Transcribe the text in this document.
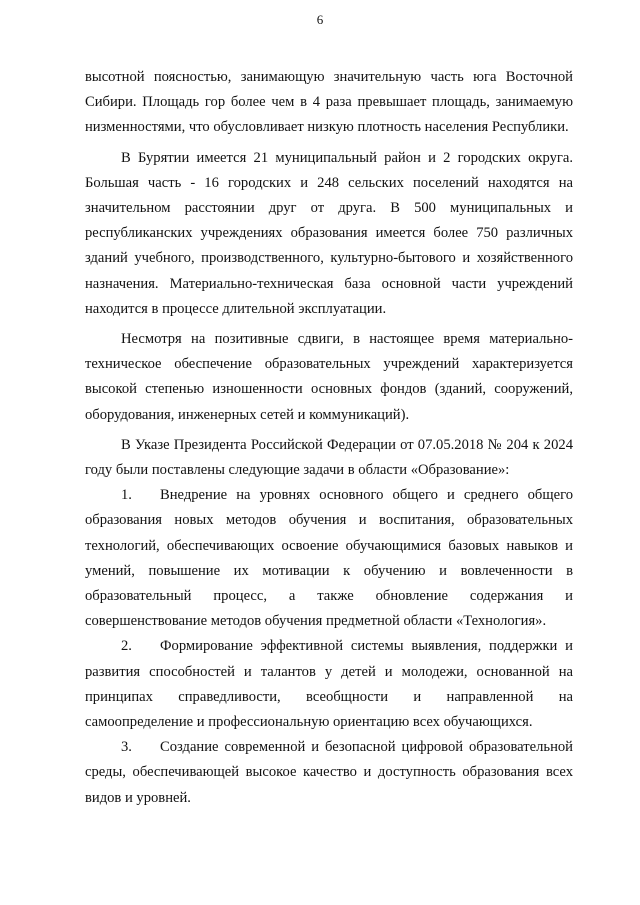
6

высотной поясностью, занимающую значительную часть юга Восточной Сибири. Площадь гор более чем в 4 раза превышает площадь, занимаемую низменностями, что обусловливает низкую плотность населения Республики.

В Бурятии имеется 21 муниципальный район и 2 городских округа. Большая часть - 16 городских и 248 сельских поселений находятся на значительном расстоянии друг от друга. В 500 муниципальных и республиканских учреждениях образования имеется более 750 различных зданий учебного, производственного, культурно-бытового и хозяйственного назначения. Материально-техническая база основной части учреждений находится в процессе длительной эксплуатации.

Несмотря на позитивные сдвиги, в настоящее время материально-техническое обеспечение образовательных учреждений характеризуется высокой степенью изношенности основных фондов (зданий, сооружений, оборудования, инженерных сетей и коммуникаций).

В Указе Президента Российской Федерации от 07.05.2018 № 204 к 2024 году были поставлены следующие задачи в области «Образование»:

1. Внедрение на уровнях основного общего и среднего общего образования новых методов обучения и воспитания, образовательных технологий, обеспечивающих освоение обучающимися базовых навыков и умений, повышение их мотивации к обучению и вовлеченности в образовательный процесс, а также обновление содержания и совершенствование методов обучения предметной области «Технология».

2. Формирование эффективной системы выявления, поддержки и развития способностей и талантов у детей и молодежи, основанной на принципах справедливости, всеобщности и направленной на самоопределение и профессиональную ориентацию всех обучающихся.

3. Создание современной и безопасной цифровой образовательной среды, обеспечивающей высокое качество и доступность образования всех видов и уровней.
